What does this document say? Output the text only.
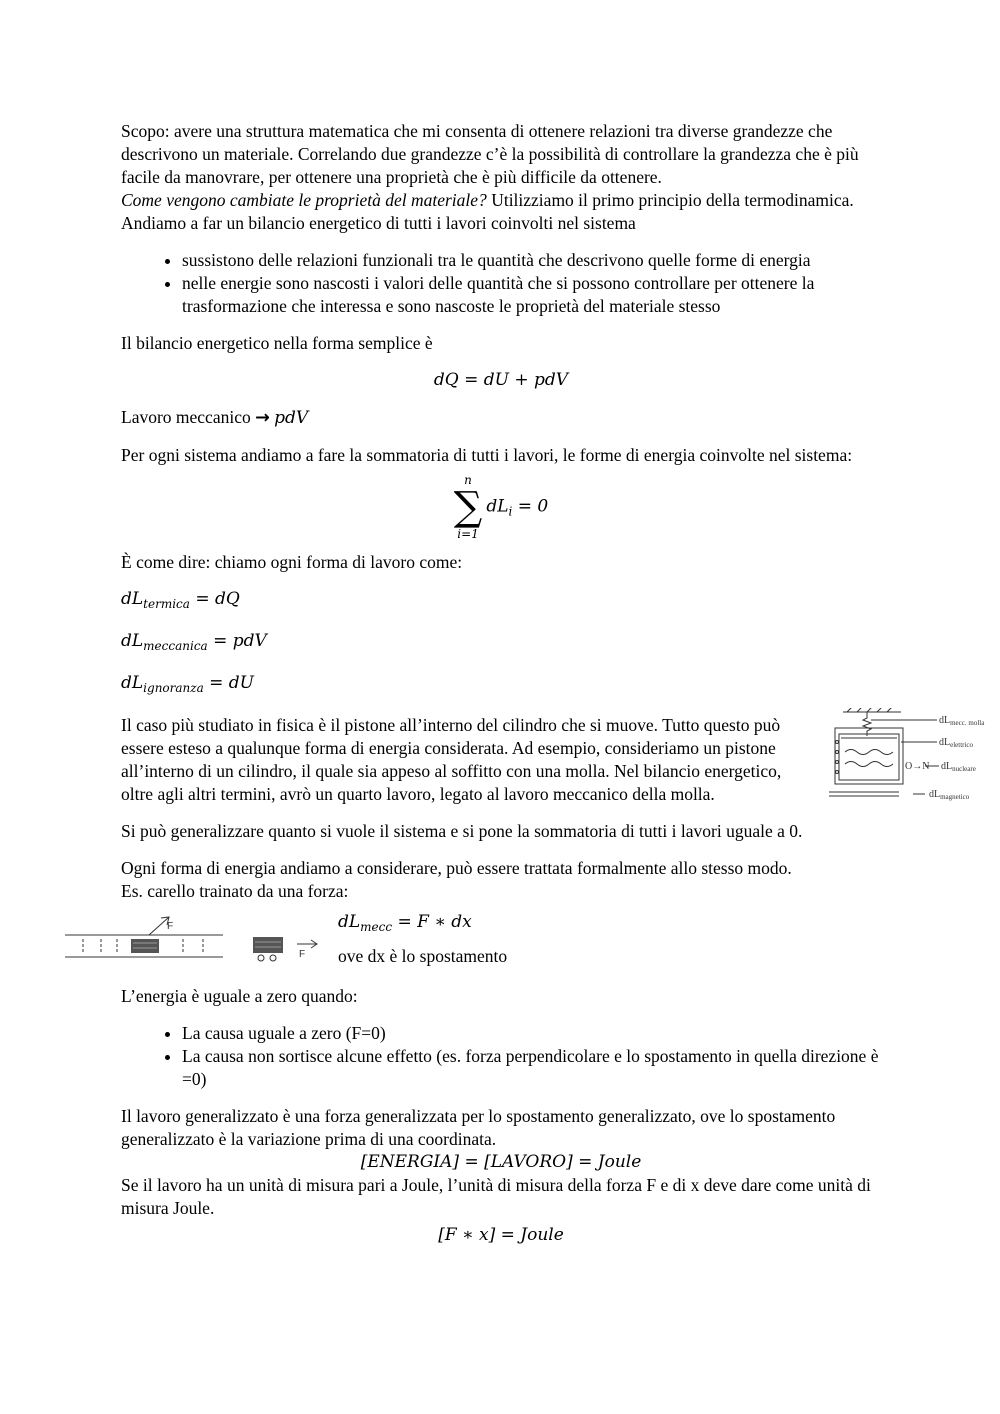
Scopo: avere una struttura matematica che mi consenta di ottenere relazioni tra diverse grandezze che descrivono un materiale. Correlando due grandezze c’è la possibilità di controllare la grandezza che è più facile da manovrare, per ottenere una proprietà che è più difficile da ottenere.

Come vengono cambiate le proprietà del materiale? Utilizziamo il primo principio della termodinamica. Andiamo a far un bilancio energetico di tutti i lavori coinvolti nel sistema

• sussistono delle relazioni funzionali tra le quantità che descrivono quelle forme di energia
• nelle energie sono nascosti i valori delle quantità che si possono controllare per ottenere la trasformazione che interessa e sono nascoste le proprietà del materiale stesso

Il bilancio energetico nella forma semplice è

dQ = dU + pdV

Lavoro meccanico → pdV

Per ogni sistema andiamo a fare la sommatoria di tutti i lavori, le forme di energia coinvolte nel sistema:

n
∑
i=1
$dL_i = 0$

È come dire: chiamo ogni forma di lavoro come:

$dL_{termica}$ = dQ

$dL_{meccanica}$ = pdV

$dL_{ignoranza}$ = dU

Il caso più studiato in fisica è il pistone all’interno del cilindro che si muove. Tutto questo può essere esteso a qualunque forma di energia considerata. Ad esempio, consideriamo un pistone all’interno di un cilindro, il quale sia appeso al soffitto con una molla. Nel bilancio energetico, oltre agli altri termini, avrò un quarto lavoro, legato al lavoro meccanico della molla.

$dL_{mecc. molla}$
$dL_{elettrico}$
O→N $dL_{nucleare}$
$dL_{magnetico}$

Si può generalizzare quanto si vuole il sistema e si pone la sommatoria di tutti i lavori uguale a 0.

Ogni forma di energia andiamo a considerare, può essere trattata formalmente allo stesso modo.

Es. carello trainato da una forza:

F
F

$dL_{mecc} = F$ ∗ dx

ove dx è lo spostamento

L’energia è uguale a zero quando:

• La causa uguale a zero (F=0)
• La causa non sortisce alcune effetto (es. forza perpendicolare e lo spostamento in quella direzione è =0)

Il lavoro generalizzato è una forza generalizzata per lo spostamento generalizzato, ove lo spostamento generalizzato è la variazione prima di una coordinata.

[ENERGIA] = [LAVORO] = Joule

Se il lavoro ha un unità di misura pari a Joule, l’unità di misura della forza F e di x deve dare come unità di misura Joule.

[F ∗ x] = Joule
